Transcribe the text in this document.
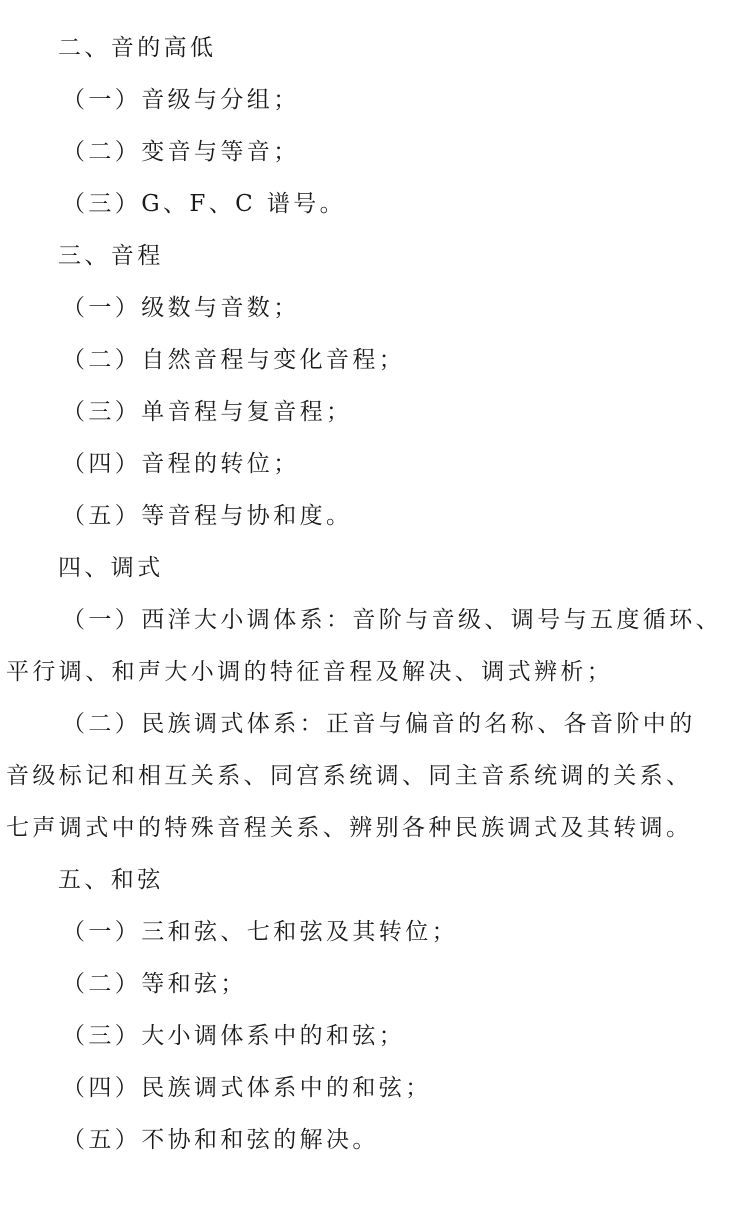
二、音的高低
（一）音级与分组；
（二）变音与等音；
（三）G、F、C 谱号。
三、音程
（一）级数与音数；
（二）自然音程与变化音程；
（三）单音程与复音程；
（四）音程的转位；
（五）等音程与协和度。
四、调式
（一）西洋大小调体系：音阶与音级、调号与五度循环、
平行调、和声大小调的特征音程及解决、调式辨析；
（二）民族调式体系：正音与偏音的名称、各音阶中的
音级标记和相互关系、同宫系统调、同主音系统调的关系、
七声调式中的特殊音程关系、辨别各种民族调式及其转调。
五、和弦
（一）三和弦、七和弦及其转位；
（二）等和弦；
（三）大小调体系中的和弦；
（四）民族调式体系中的和弦；
（五）不协和和弦的解决。
